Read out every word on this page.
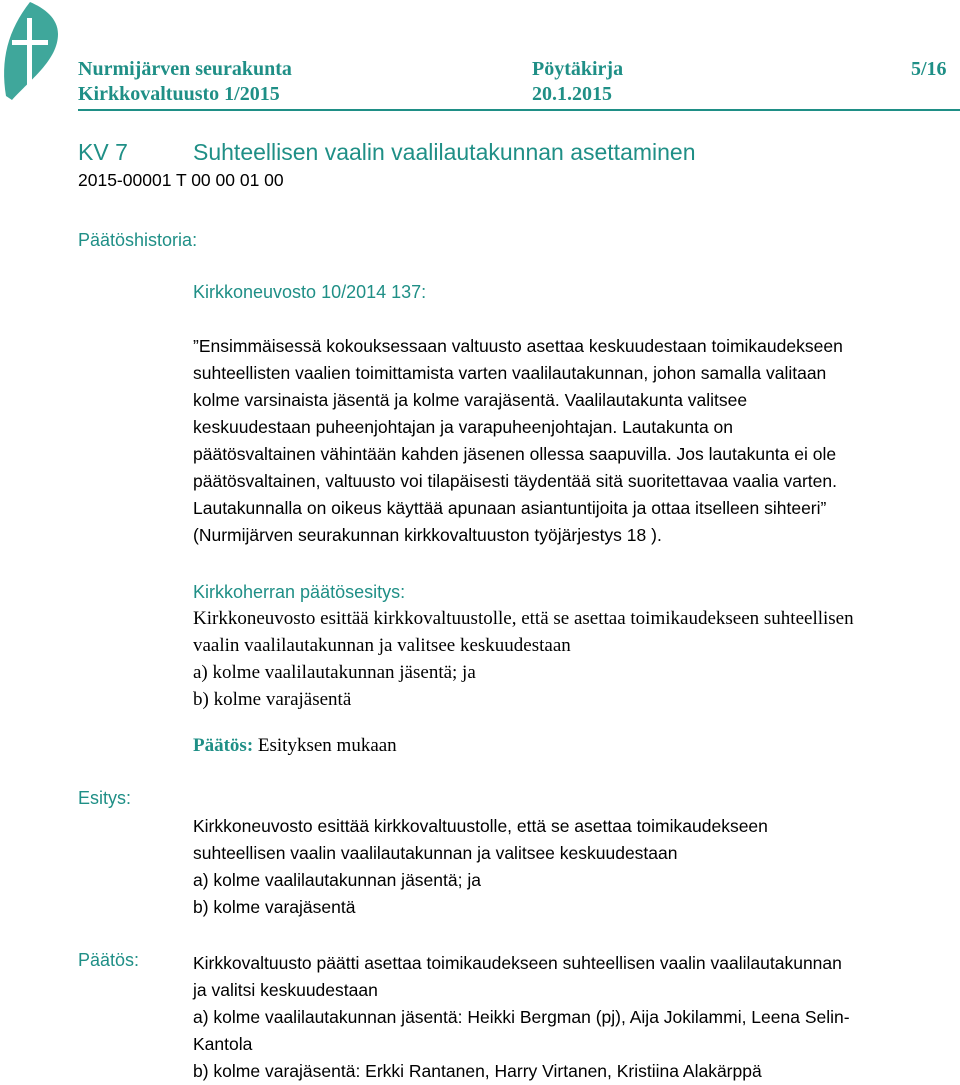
Nurmijärven seurakunta	Pöytäkirja	5/16
Kirkkovaltuusto 1/2015	20.1.2015
KV 7	Suhteellisen vaalin vaalilautakunnan asettaminen
2015-00001 T 00 00 01 00
Päätöshistoria:
Kirkkoneuvosto 10/2014 137:
”Ensimmäisessä kokouksessaan valtuusto asettaa keskuudestaan toimikaudekseen
suhteellisten vaalien toimittamista varten vaalilautakunnan, johon samalla valitaan
kolme varsinaista jäsentä ja kolme varajäsentä. Vaalilautakunta valitsee
keskuudestaan puheenjohtajan ja varapuheenjohtajan. Lautakunta on
päätösvaltainen vähintään kahden jäsenen ollessa saapuvilla. Jos lautakunta ei ole
päätösvaltainen, valtuusto voi tilapäisesti täydentää sitä suoritettavaa vaalia varten.
Lautakunnalla on oikeus käyttää apunaan asiantuntijoita ja ottaa itselleen sihteeri”
(Nurmijärven seurakunnan kirkkovaltuuston työjärjestys 18 ).
Kirkkoherran päätösesitys:
Kirkkoneuvosto esittää kirkkovaltuustolle, että se asettaa toimikaudekseen suhteellisen
vaalin vaalilautakunnan ja valitsee keskuudestaan
a) kolme vaalilautakunnan jäsentä; ja
b) kolme varajäsentä
Päätös: Esityksen mukaan
Esitys:
Kirkkoneuvosto esittää kirkkovaltuustolle, että se asettaa toimikaudekseen
suhteellisen vaalin vaalilautakunnan ja valitsee keskuudestaan
a) kolme vaalilautakunnan jäsentä; ja
b) kolme varajäsentä
Päätös:	Kirkkovaltuusto päätti asettaa toimikaudekseen suhteellisen vaalin vaalilautakunnan
ja valitsi keskuudestaan
a) kolme vaalilautakunnan jäsentä: Heikki Bergman (pj), Aija Jokilammi, Leena Selin-
Kantola
b) kolme varajäsentä: Erkki Rantanen, Harry Virtanen, Kristiina Alakärppä
